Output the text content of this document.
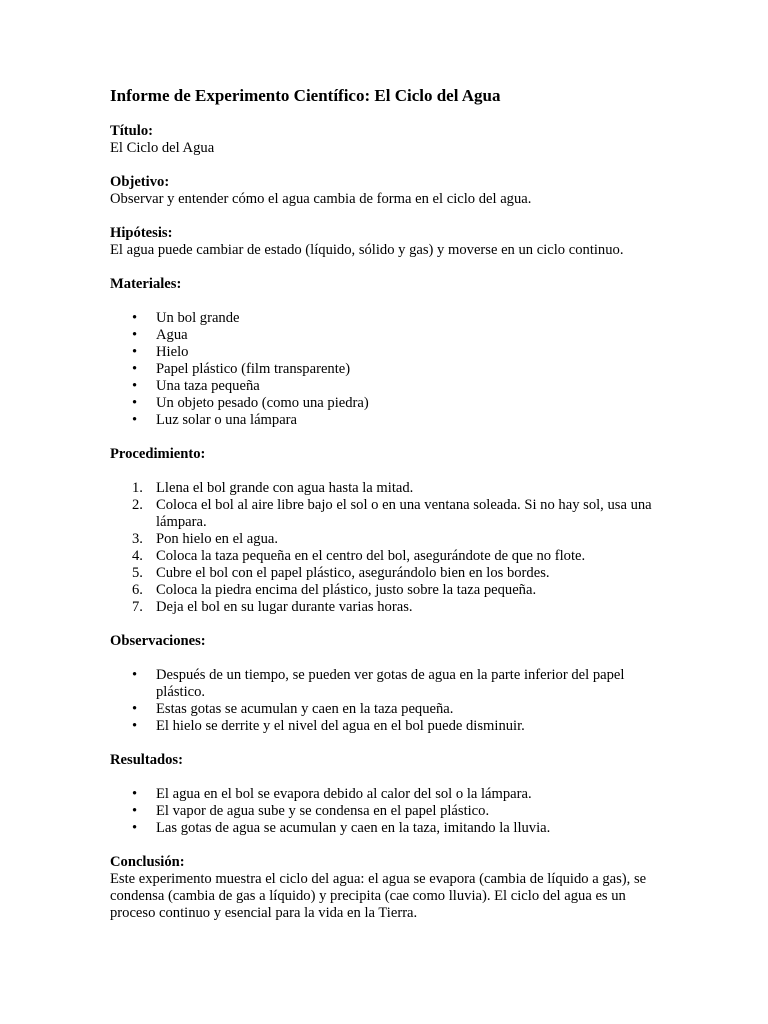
Informe de Experimento Científico: El Ciclo del Agua
Título:
El Ciclo del Agua
Objetivo:
Observar y entender cómo el agua cambia de forma en el ciclo del agua.
Hipótesis:
El agua puede cambiar de estado (líquido, sólido y gas) y moverse en un ciclo continuo.
Materiales:
• Un bol grande
• Agua
• Hielo
• Papel plástico (film transparente)
• Una taza pequeña
• Un objeto pesado (como una piedra)
• Luz solar o una lámpara
Procedimiento:
1. Llena el bol grande con agua hasta la mitad.
2. Coloca el bol al aire libre bajo el sol o en una ventana soleada. Si no hay sol, usa una lámpara.
3. Pon hielo en el agua.
4. Coloca la taza pequeña en el centro del bol, asegurándote de que no flote.
5. Cubre el bol con el papel plástico, asegurándolo bien en los bordes.
6. Coloca la piedra encima del plástico, justo sobre la taza pequeña.
7. Deja el bol en su lugar durante varias horas.
Observaciones:
• Después de un tiempo, se pueden ver gotas de agua en la parte inferior del papel plástico.
• Estas gotas se acumulan y caen en la taza pequeña.
• El hielo se derrite y el nivel del agua en el bol puede disminuir.
Resultados:
• El agua en el bol se evapora debido al calor del sol o la lámpara.
• El vapor de agua sube y se condensa en el papel plástico.
• Las gotas de agua se acumulan y caen en la taza, imitando la lluvia.
Conclusión:
Este experimento muestra el ciclo del agua: el agua se evapora (cambia de líquido a gas), se condensa (cambia de gas a líquido) y precipita (cae como lluvia). El ciclo del agua es un proceso continuo y esencial para la vida en la Tierra.
